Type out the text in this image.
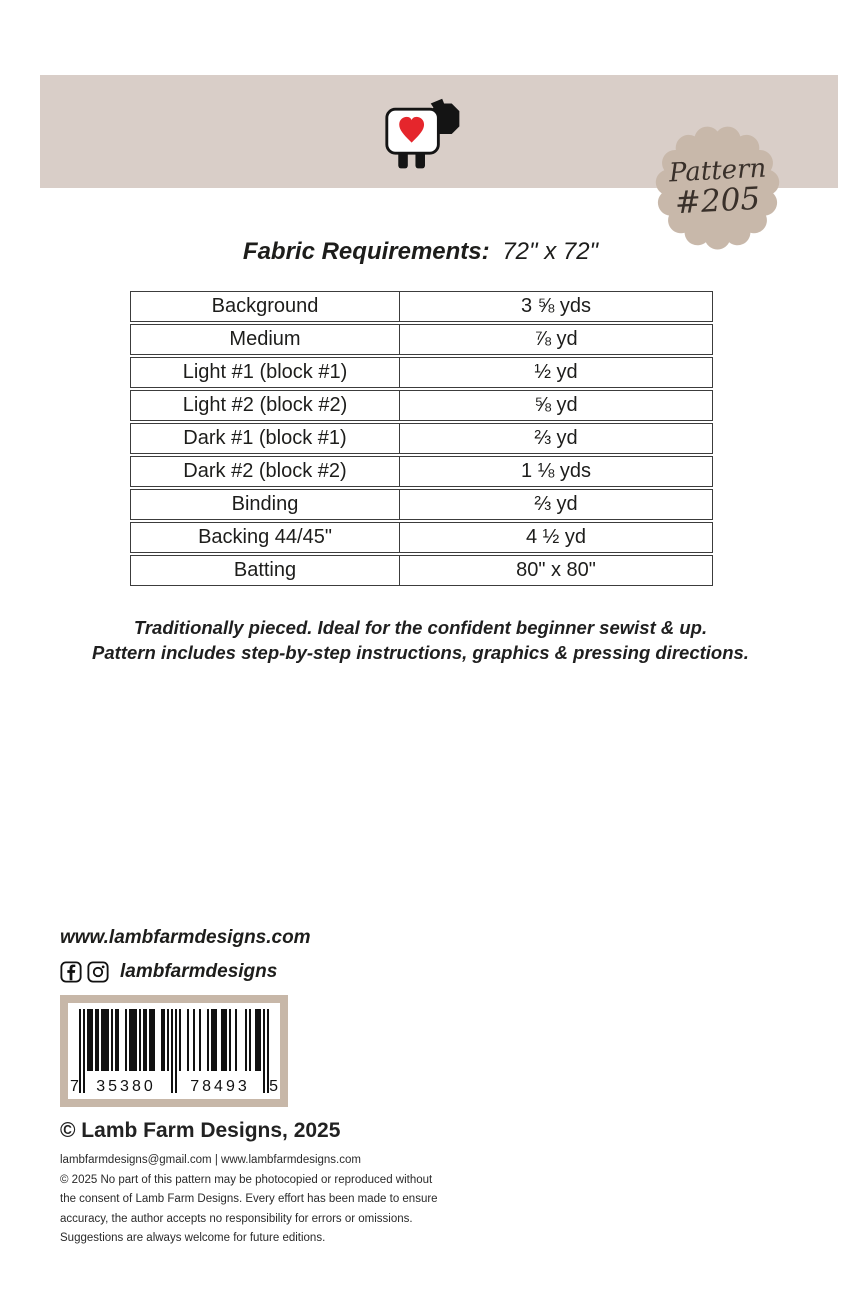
Pattern
#205
Fabric Requirements: 72" x 72"
Background	3 ⅝ yds
Medium	⅞ yd
Light #1 (block #1)	½ yd
Light #2 (block #2)	⅝ yd
Dark #1 (block #1)	⅔ yd
Dark #2 (block #2)	1 ⅛ yds
Binding	⅔ yd
Backing 44/45"	4 ½ yd
Batting	80" x 80"
Traditionally pieced. Ideal for the confident beginner sewist & up.
Pattern includes step-by-step instructions, graphics & pressing directions.
www.lambfarmdesigns.com
lambfarmdesigns
7 35380 78493 5
© Lamb Farm Designs, 2025

lambfarmdesigns@gmail.com | www.lambfarmdesigns.com

© 2025 No part of this pattern may be photocopied or reproduced without

the consent of Lamb Farm Designs. Every effort has been made to ensure

accuracy, the author accepts no responsibility for errors or omissions.

Suggestions are always welcome for future editions.
